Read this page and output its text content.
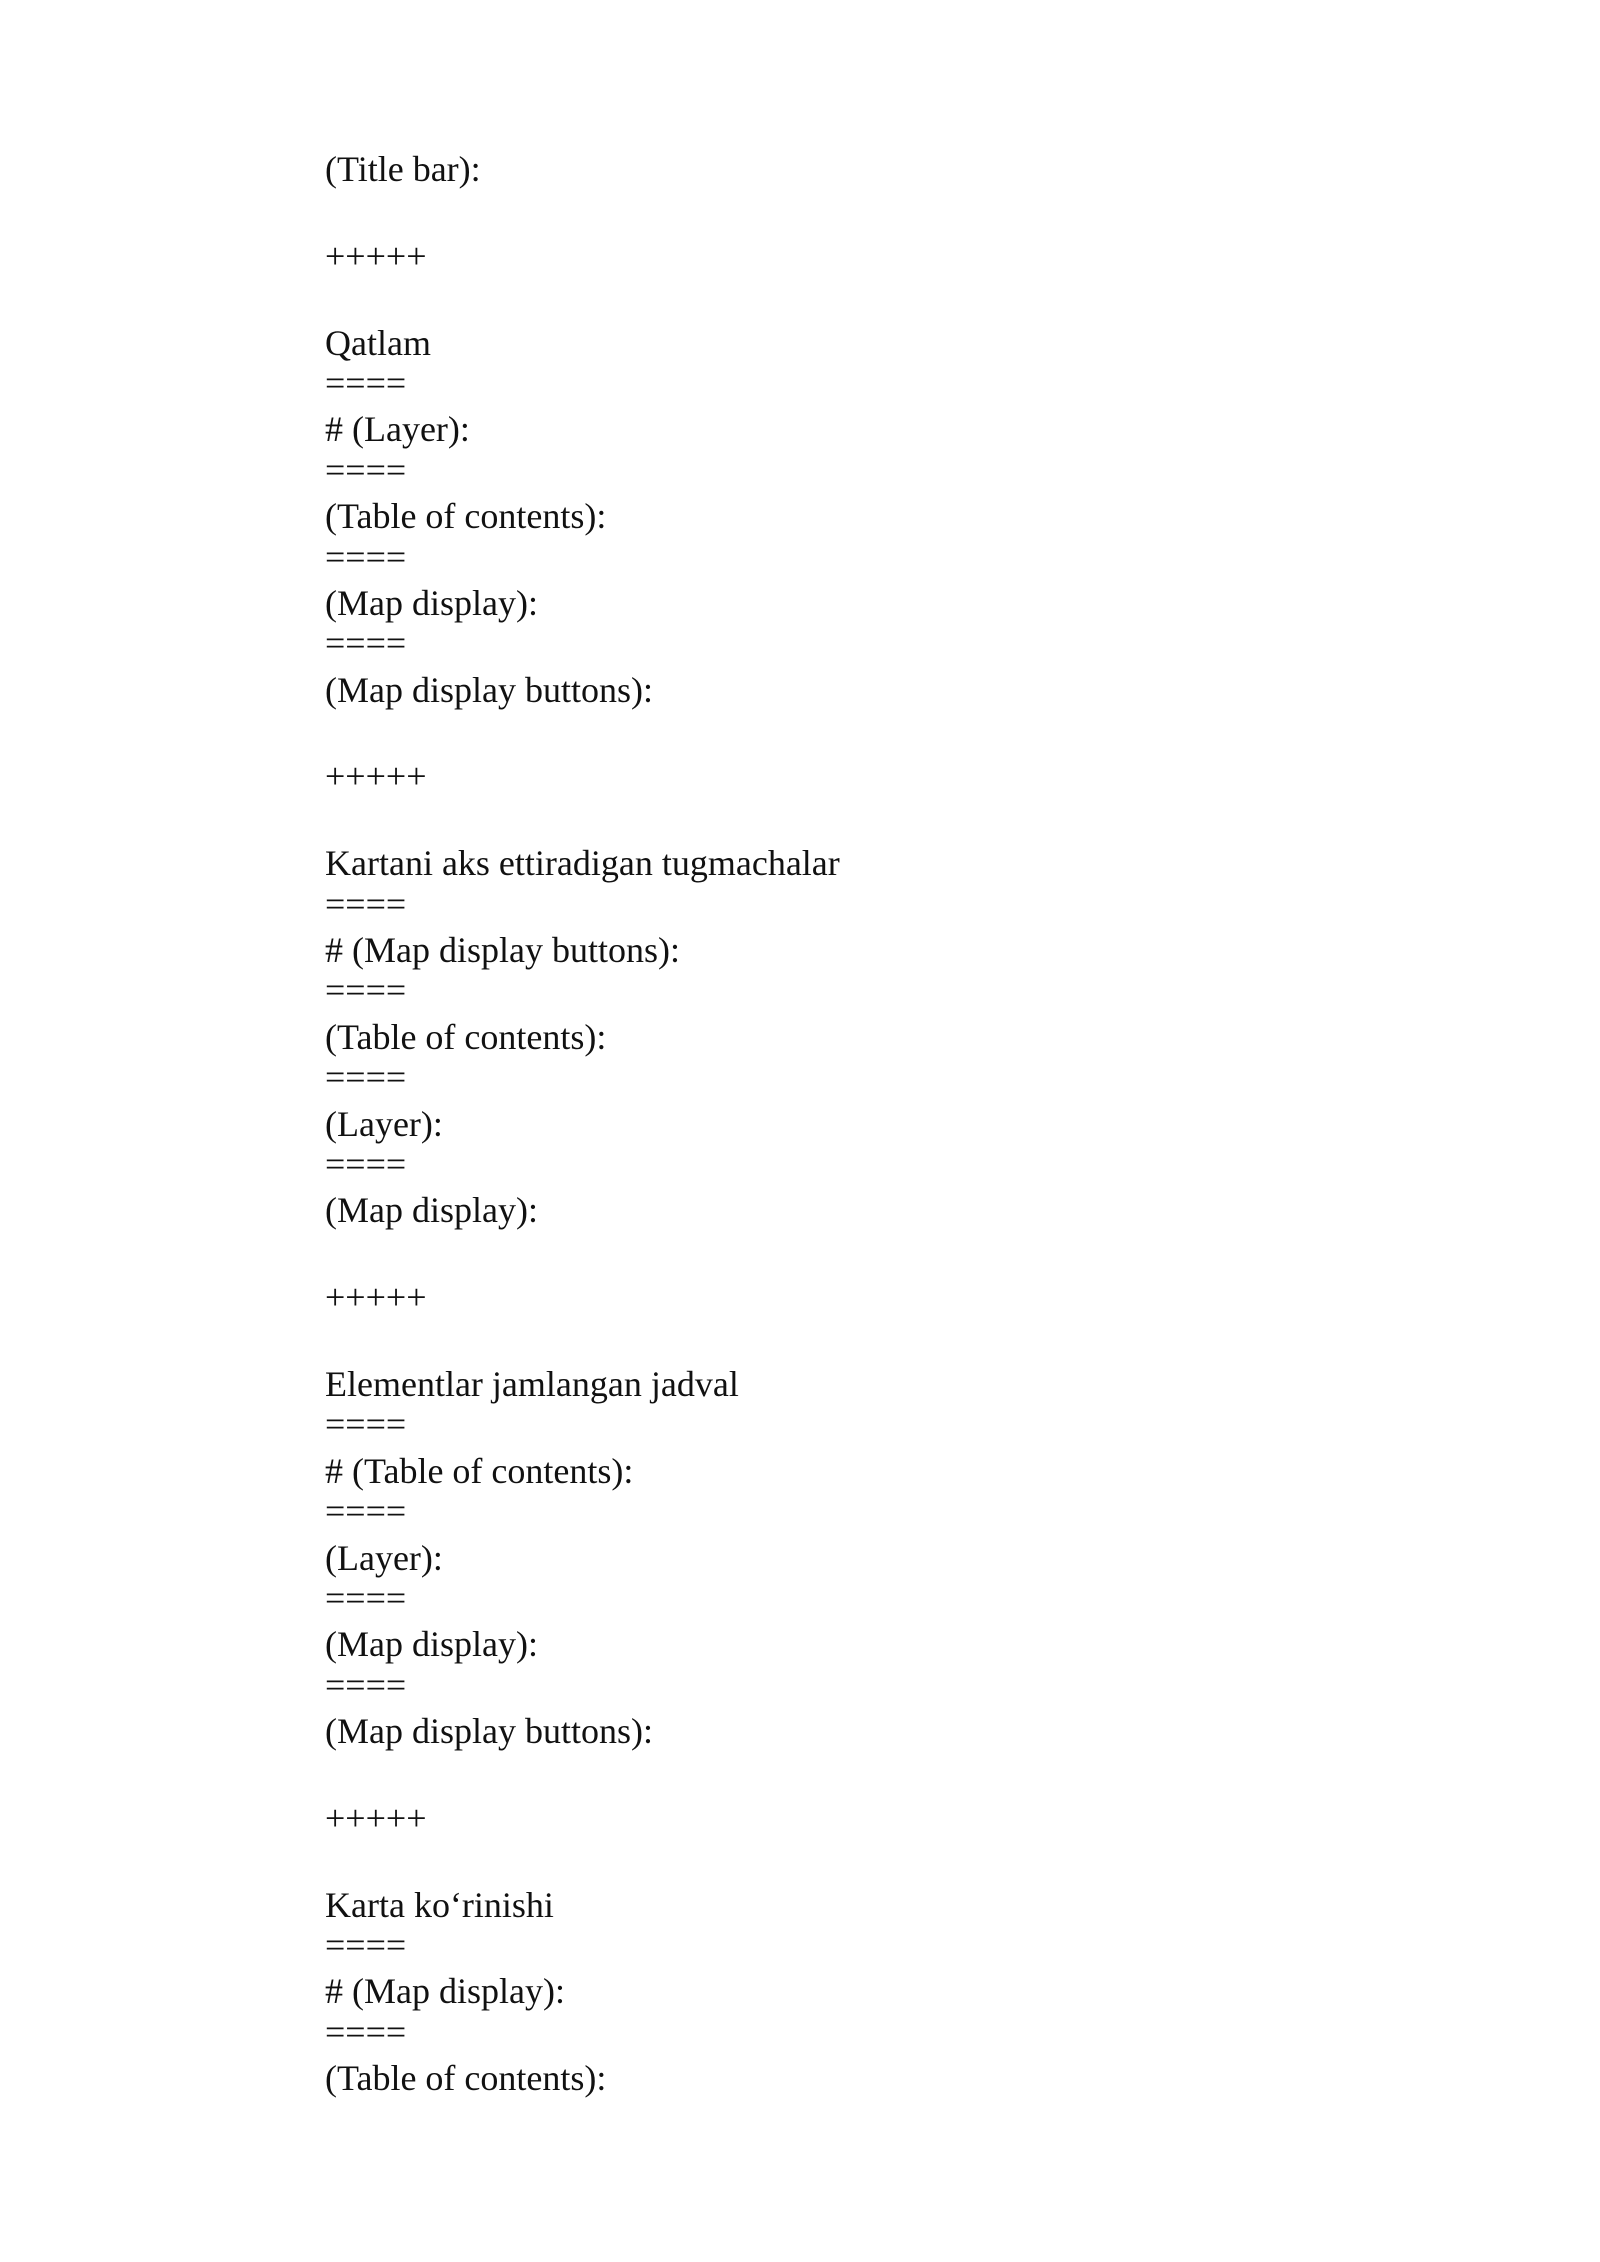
(Title bar):
+++++
Qatlam
====
# (Layer):
====
(Table of contents):
====
(Map display):
====
(Map display buttons):
+++++
Kartani aks ettiradigan tugmachalar
====
# (Map display buttons):
====
(Table of contents):
====
(Layer):
====
(Map display):
+++++
Elementlar jamlangan jadval
====
# (Table of contents):
====
(Layer):
====
(Map display):
====
(Map display buttons):
+++++
Karta ko‘rinishi
====
# (Map display):
====
(Table of contents):
